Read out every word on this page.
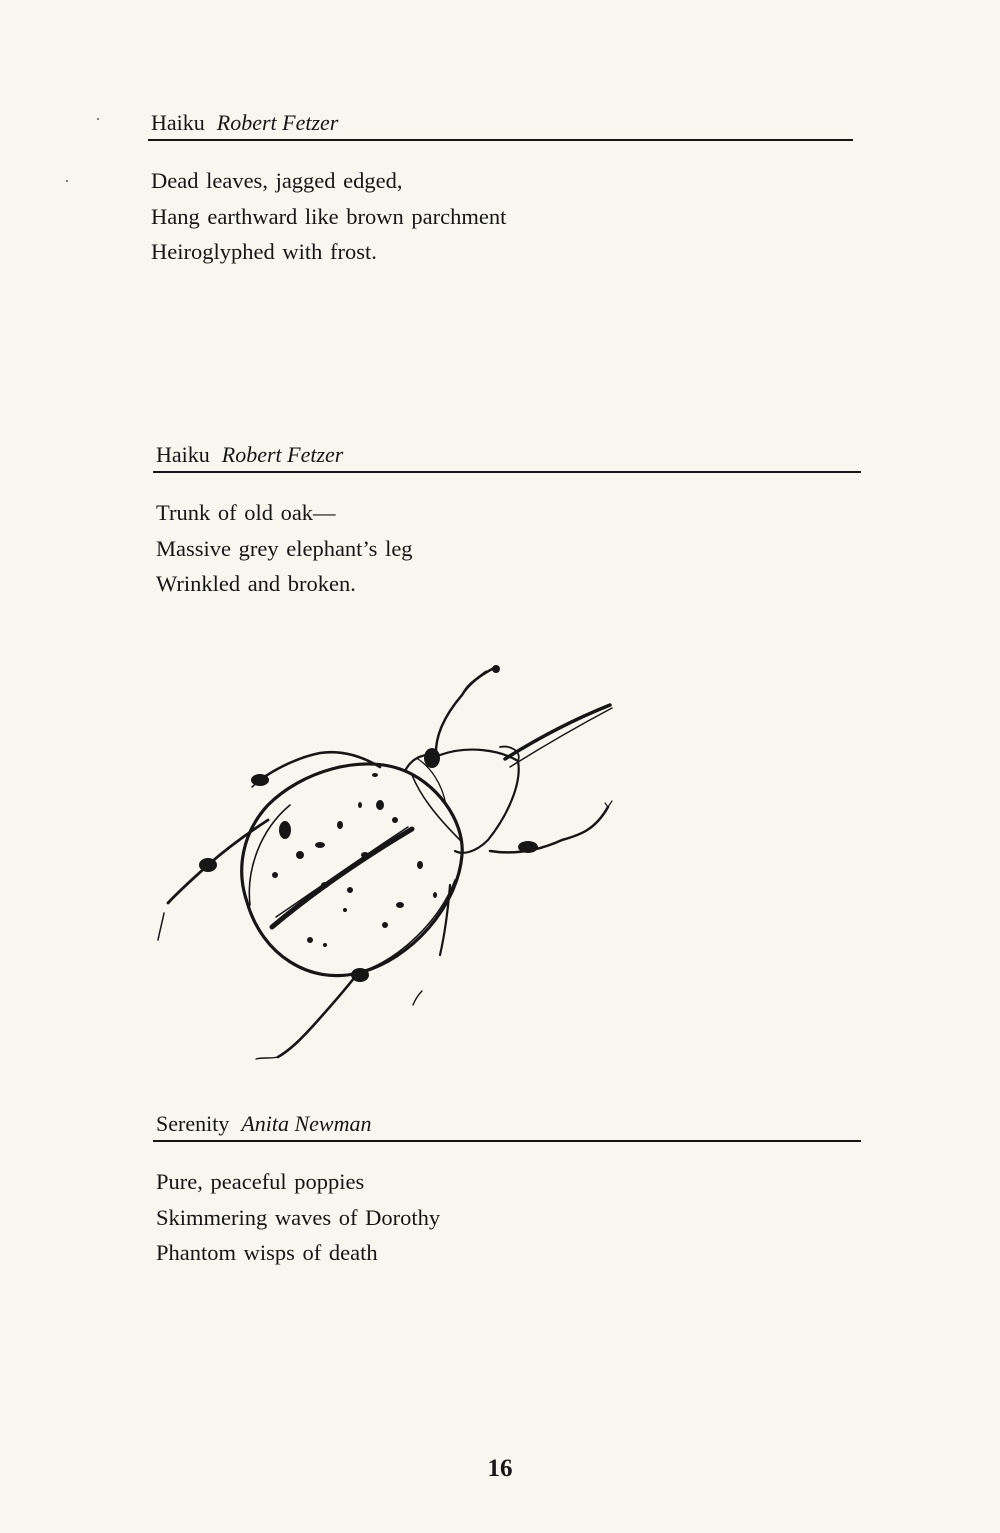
Haiku Robert Fetzer
Dead leaves, jagged edged,
Hang earthward like brown parchment
Heiroglyphed with frost.
Haiku Robert Fetzer
Trunk of old oak—
Massive grey elephant’s leg
Wrinkled and broken.
Serenity Anita Newman
Pure, peaceful poppies
Skimmering waves of Dorothy
Phantom wisps of death
16
